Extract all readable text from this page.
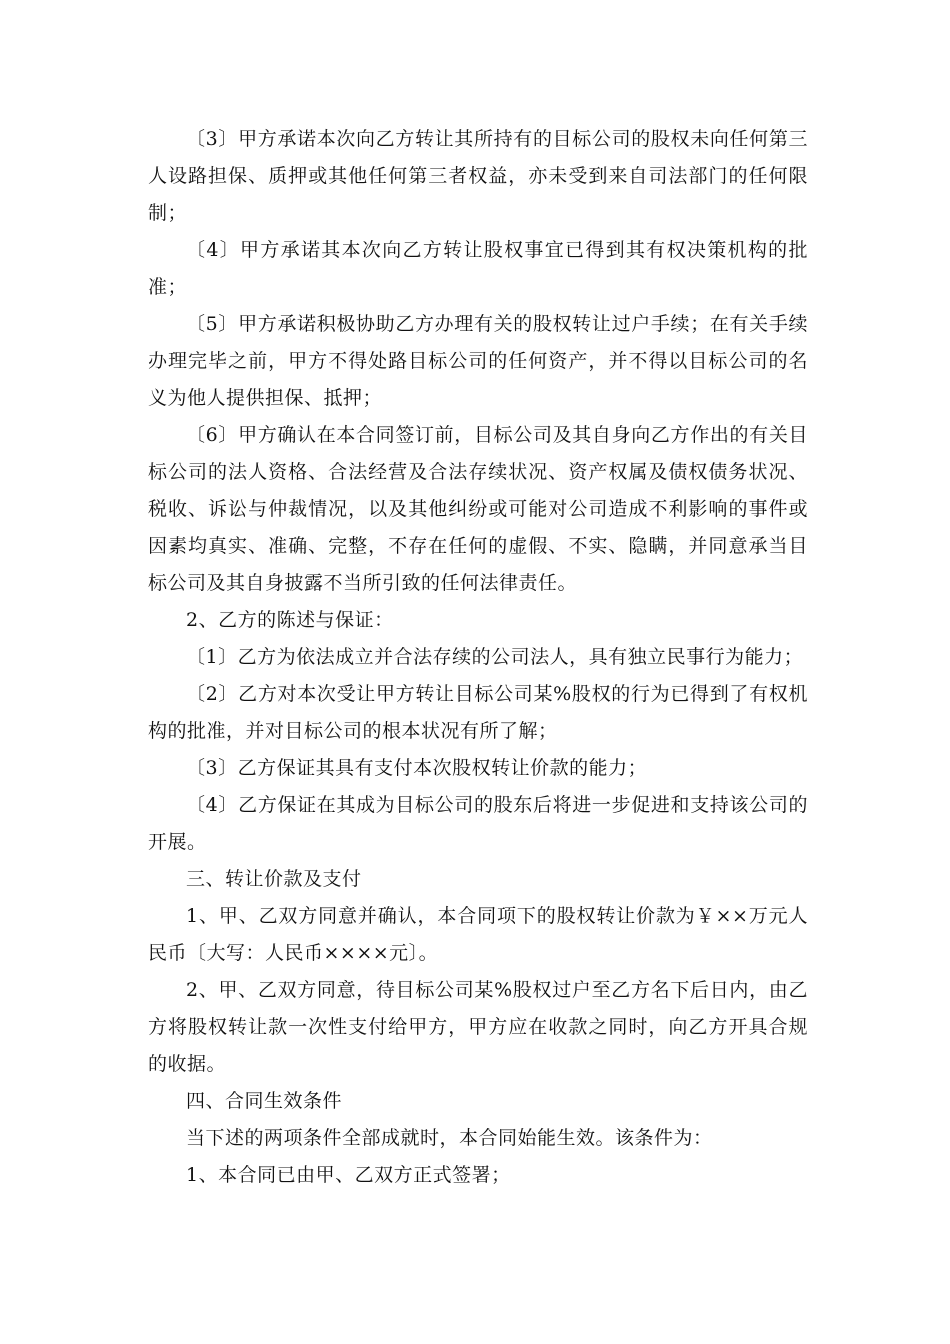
〔3〕甲方承诺本次向乙方转让其所持有的目标公司的股权未向任何第三人设路担保、质押或其他任何第三者权益，亦未受到来自司法部门的任何限制；

〔4〕甲方承诺其本次向乙方转让股权事宜已得到其有权决策机构的批准；

〔5〕甲方承诺积极协助乙方办理有关的股权转让过户手续；在有关手续办理完毕之前，甲方不得处路目标公司的任何资产，并不得以目标公司的名义为他人提供担保、抵押；

〔6〕甲方确认在本合同签订前，目标公司及其自身向乙方作出的有关目标公司的法人资格、合法经营及合法存续状况、资产权属及债权债务状况、税收、诉讼与仲裁情况，以及其他纠纷或可能对公司造成不利影响的事件或因素均真实、准确、完整，不存在任何的虚假、不实、隐瞒，并同意承当目标公司及其自身披露不当所引致的任何法律责任。

2、乙方的陈述与保证：

〔1〕乙方为依法成立并合法存续的公司法人，具有独立民事行为能力；

〔2〕乙方对本次受让甲方转让目标公司某%股权的行为已得到了有权机构的批准，并对目标公司的根本状况有所了解；

〔3〕乙方保证其具有支付本次股权转让价款的能力；

〔4〕乙方保证在其成为目标公司的股东后将进一步促进和支持该公司的开展。

三、转让价款及支付

1、甲、乙双方同意并确认，本合同项下的股权转让价款为￥××万元人民币〔大写：人民币××××元〕。

2、甲、乙双方同意，待目标公司某%股权过户至乙方名下后日内，由乙方将股权转让款一次性支付给甲方，甲方应在收款之同时，向乙方开具合规的收据。

四、合同生效条件

当下述的两项条件全部成就时，本合同始能生效。该条件为：

1、本合同已由甲、乙双方正式签署；
